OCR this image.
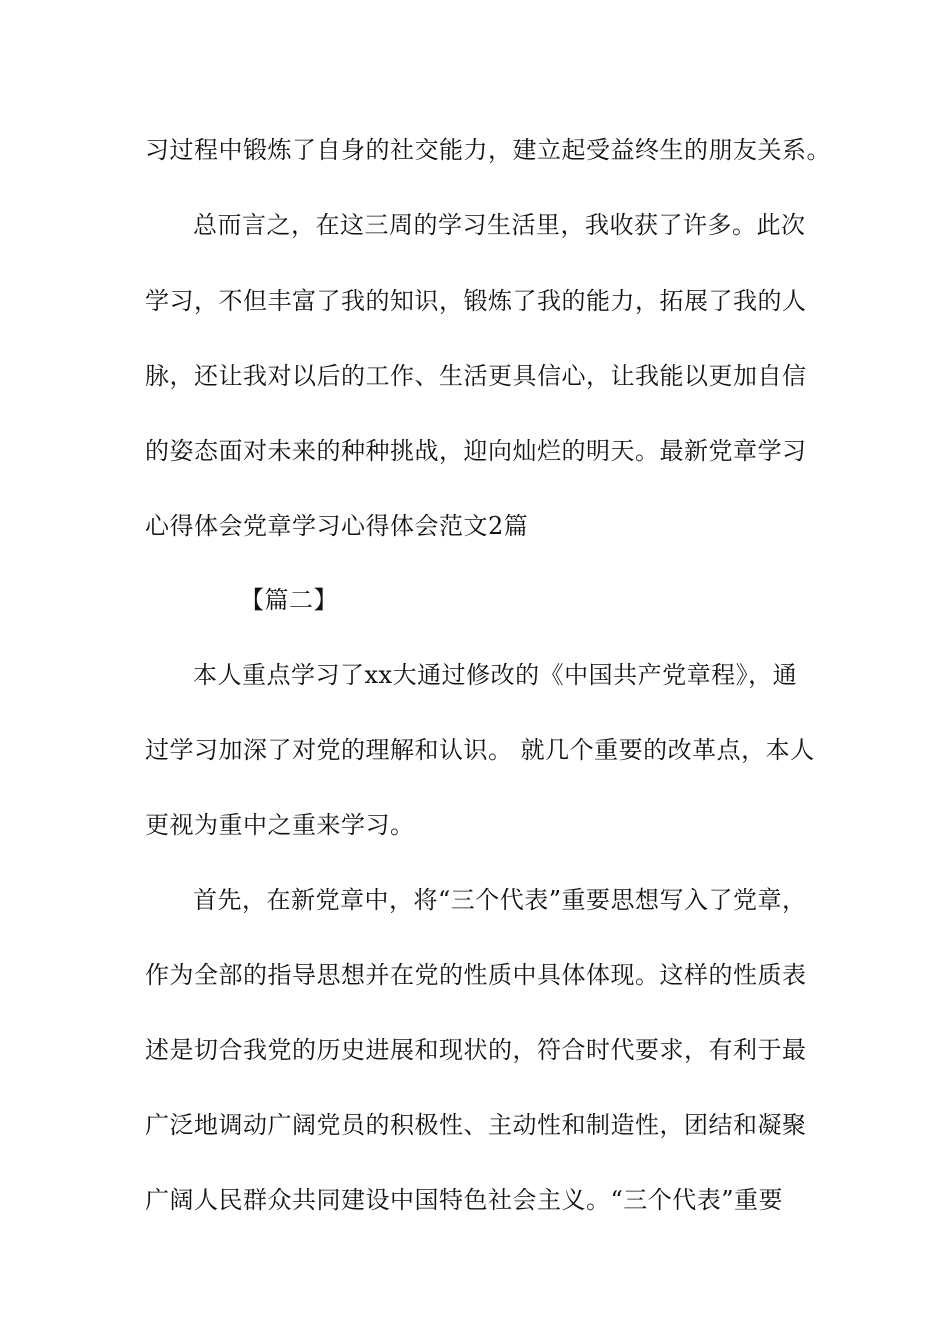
习过程中锻炼了自身的社交能力，建立起受益终生的朋友关系。
总而言之，在这三周的学习生活里，我收获了许多。此次
学习，不但丰富了我的知识，锻炼了我的能力，拓展了我的人
脉，还让我对以后的工作、生活更具信心，让我能以更加自信
的姿态面对未来的种种挑战，迎向灿烂的明天。最新党章学习
心得体会党章学习心得体会范文2篇
【篇二】
本人重点学习了xx大通过修改的《中国共产党章程》，通
过学习加深了对党的理解和认识。 就几个重要的改革点，本人
更视为重中之重来学习。
首先，在新党章中，将“三个代表”重要思想写入了党章，
作为全部的指导思想并在党的性质中具体体现。这样的性质表
述是切合我党的历史进展和现状的，符合时代要求，有利于最
广泛地调动广阔党员的积极性、主动性和制造性，团结和凝聚
广阔人民群众共同建设中国特色社会主义。“三个代表”重要
